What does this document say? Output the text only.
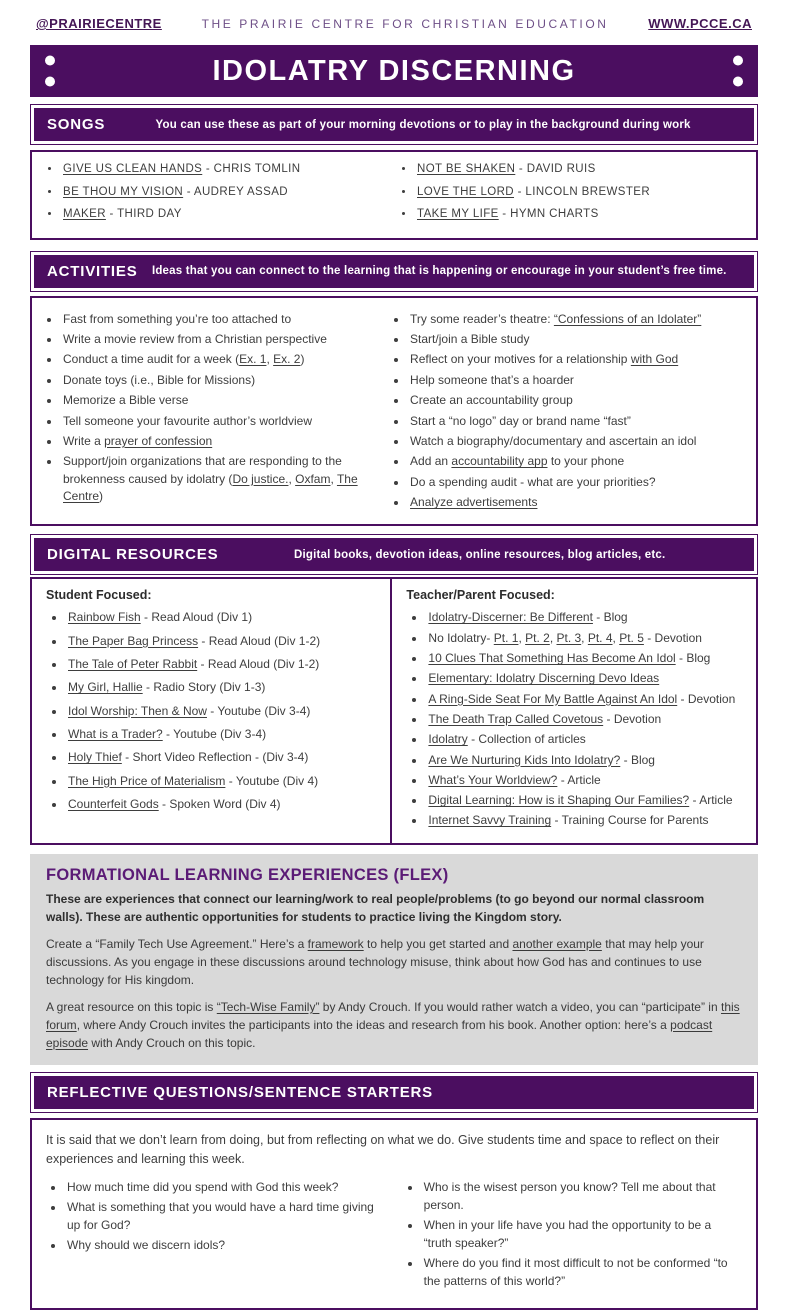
@PRAIRIECENTRE	THE PRAIRIE CENTRE FOR CHRISTIAN EDUCATION	WWW.PCCE.CA
IDOLATRY DISCERNING
SONGS	You can use these as part of your morning devotions or to play in the background during work
• GIVE US CLEAN HANDS - CHRIS TOMLIN
• BE THOU MY VISION - AUDREY ASSAD
• MAKER - THIRD DAY
• NOT BE SHAKEN - DAVID RUIS
• LOVE THE LORD - LINCOLN BREWSTER
• TAKE MY LIFE - HYMN CHARTS
ACTIVITIES	Ideas that you can connect to the learning that is happening or encourage in your student’s free time.
• Fast from something you’re too attached to
• Write a movie review from a Christian perspective
• Conduct a time audit for a week (Ex. 1, Ex. 2)
• Donate toys (i.e., Bible for Missions)
• Memorize a Bible verse
• Tell someone your favourite author’s worldview
• Write a prayer of confession
• Support/join organizations that are responding to the brokenness caused by idolatry (Do justice., Oxfam, The Centre)
• Try some reader’s theatre: “Confessions of an Idolater”
• Start/join a Bible study
• Reflect on your motives for a relationship with God
• Help someone that’s a hoarder
• Create an accountability group
• Start a “no logo” day or brand name “fast”
• Watch a biography/documentary and ascertain an idol
• Add an accountability app to your phone
• Do a spending audit - what are your priorities?
• Analyze advertisements
DIGITAL RESOURCES	Digital books, devotion ideas, online resources, blog articles, etc.

Student Focused:

• Rainbow Fish - Read Aloud (Div 1)
• The Paper Bag Princess - Read Aloud (Div 1-2)
• The Tale of Peter Rabbit - Read Aloud (Div 1-2)
• My Girl, Hallie - Radio Story (Div 1-3)
• Idol Worship: Then & Now - Youtube (Div 3-4)
• What is a Trader? - Youtube (Div 3-4)
• Holy Thief - Short Video Reflection - (Div 3-4)
• The High Price of Materialism - Youtube (Div 4)
• Counterfeit Gods - Spoken Word (Div 4)

Teacher/Parent Focused:

• Idolatry-Discerner: Be Different - Blog
• No Idolatry- Pt. 1, Pt. 2, Pt. 3, Pt. 4, Pt. 5 - Devotion
• 10 Clues That Something Has Become An Idol - Blog
• Elementary: Idolatry Discerning Devo Ideas
• A Ring-Side Seat For My Battle Against An Idol - Devotion
• The Death Trap Called Covetous - Devotion
• Idolatry - Collection of articles
• Are We Nurturing Kids Into Idolatry? - Blog
• What’s Your Worldview? - Article
• Digital Learning: How is it Shaping Our Families? - Article
• Internet Savvy Training - Training Course for Parents
FORMATIONAL LEARNING EXPERIENCES (FLEX)

These are experiences that connect our learning/work to real people/problems (to go beyond our normal classroom walls). These are authentic opportunities for students to practice living the Kingdom story.

Create a “Family Tech Use Agreement.” Here’s a framework to help you get started and another example that may help your discussions. As you engage in these discussions around technology misuse, think about how God has and continues to use technology for His kingdom.

A great resource on this topic is “Tech-Wise Family” by Andy Crouch. If you would rather watch a video, you can “participate” in this forum, where Andy Crouch invites the participants into the ideas and research from his book. Another option: here’s a podcast episode with Andy Crouch on this topic.

REFLECTIVE QUESTIONS/SENTENCE STARTERS

It is said that we don’t learn from doing, but from reflecting on what we do. Give students time and space to reflect on their experiences and learning this week.

• How much time did you spend with God this week?
• What is something that you would have a hard time giving up for God?
• Why should we discern idols?
• Who is the wisest person you know? Tell me about that person.
• When in your life have you had the opportunity to be a “truth speaker?”
• Where do you find it most difficult to not be conformed “to the patterns of this world?”
